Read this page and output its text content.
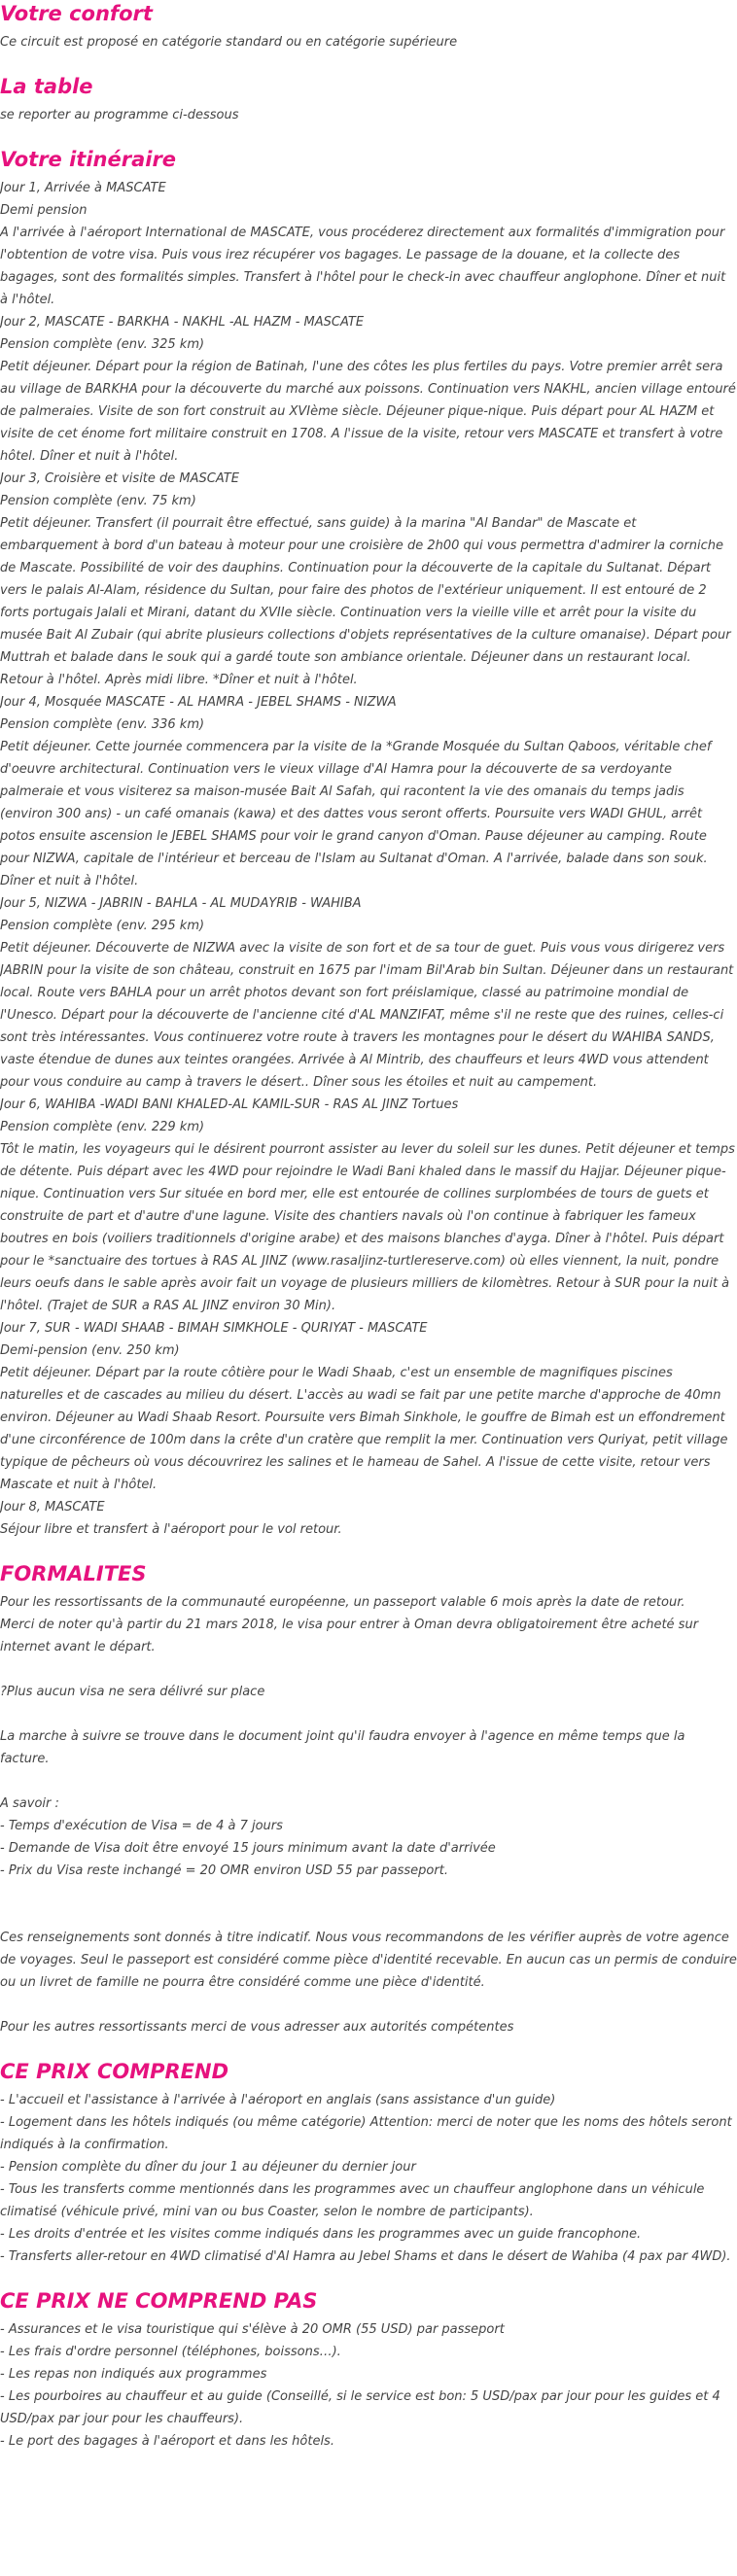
Votre confort

Ce circuit est proposé en catégorie standard ou en catégorie supérieure

La table

se reporter au programme ci-dessous

Votre itinéraire

Jour 1, Arrivée à MASCATE

Demi pension

A l'arrivée à l'aéroport International de MASCATE, vous procéderez directement aux formalités d'immigration pour l'obtention de votre visa. Puis vous irez récupérer vos bagages. Le passage de la douane, et la collecte des bagages, sont des formalités simples. Transfert à l'hôtel pour le check-in avec chauffeur anglophone. Dîner et nuit à l'hôtel.

Jour 2, MASCATE - BARKHA - NAKHL -AL HAZM - MASCATE

Pension complète (env. 325 km)

Petit déjeuner. Départ pour la région de Batinah, l'une des côtes les plus fertiles du pays. Votre premier arrêt sera au village de BARKHA pour la découverte du marché aux poissons. Continuation vers NAKHL, ancien village entouré de palmeraies. Visite de son fort construit au XVIème siècle. Déjeuner pique-nique. Puis départ pour AL HAZM et visite de cet énome fort militaire construit en 1708. A l'issue de la visite, retour vers MASCATE et transfert à votre hôtel. Dîner et nuit à l'hôtel.

Jour 3, Croisière et visite de MASCATE

Pension complète (env. 75 km)

Petit déjeuner. Transfert (il pourrait être effectué, sans guide) à la marina "Al Bandar" de Mascate et embarquement à bord d'un bateau à moteur pour une croisière de 2h00 qui vous permettra d'admirer la corniche de Mascate. Possibilité de voir des dauphins. Continuation pour la découverte de la capitale du Sultanat. Départ vers le palais Al-Alam, résidence du Sultan, pour faire des photos de l'extérieur uniquement. Il est entouré de 2 forts portugais Jalali et Mirani, datant du XVIIe siècle. Continuation vers la vieille ville et arrêt pour la visite du musée Bait Al Zubair (qui abrite plusieurs collections d'objets représentatives de la culture omanaise). Départ pour Muttrah et balade dans le souk qui a gardé toute son ambiance orientale. Déjeuner dans un restaurant local. Retour à l'hôtel. Après midi libre. *Dîner et nuit à l'hôtel.

Jour 4, Mosquée MASCATE - AL HAMRA - JEBEL SHAMS - NIZWA

Pension complète (env. 336 km)

Petit déjeuner. Cette journée commencera par la visite de la *Grande Mosquée du Sultan Qaboos, véritable chef d'oeuvre architectural. Continuation vers le vieux village d'Al Hamra pour la découverte de sa verdoyante palmeraie et vous visiterez sa maison-musée Bait Al Safah, qui racontent la vie des omanais du temps jadis (environ 300 ans) - un café omanais (kawa) et des dattes vous seront offerts. Poursuite vers WADI GHUL, arrêt potos ensuite ascension le JEBEL SHAMS pour voir le grand canyon d'Oman. Pause déjeuner au camping. Route pour NIZWA, capitale de l'intérieur et berceau de l'Islam au Sultanat d'Oman. A l'arrivée, balade dans son souk. Dîner et nuit à l'hôtel.

Jour 5, NIZWA - JABRIN - BAHLA - AL MUDAYRIB - WAHIBA

Pension complète (env. 295 km)

Petit déjeuner. Découverte de NIZWA avec la visite de son fort et de sa tour de guet. Puis vous vous dirigerez vers JABRIN pour la visite de son château, construit en 1675 par l'imam Bil'Arab bin Sultan. Déjeuner dans un restaurant local. Route vers BAHLA pour un arrêt photos devant son fort préislamique, classé au patrimoine mondial de l'Unesco. Départ pour la découverte de l'ancienne cité d'AL MANZIFAT, même s'il ne reste que des ruines, celles-ci sont très intéressantes. Vous continuerez votre route à travers les montagnes pour le désert du WAHIBA SANDS, vaste étendue de dunes aux teintes orangées. Arrivée à Al Mintrib, des chauffeurs et leurs 4WD vous attendent pour vous conduire au camp à travers le désert.. Dîner sous les étoiles et nuit au campement.

Jour 6, WAHIBA -WADI BANI KHALED-AL KAMIL-SUR - RAS AL JINZ Tortues

Pension complète (env. 229 km)

Tôt le matin, les voyageurs qui le désirent pourront assister au lever du soleil sur les dunes. Petit déjeuner et temps de détente. Puis départ avec les 4WD pour rejoindre le Wadi Bani khaled dans le massif du Hajjar. Déjeuner pique-nique. Continuation vers Sur située en bord mer, elle est entourée de collines surplombées de tours de guets et construite de part et d'autre d'une lagune. Visite des chantiers navals où l'on continue à fabriquer les fameux boutres en bois (voiliers traditionnels d'origine arabe) et des maisons blanches d'ayga. Dîner à l'hôtel. Puis départ pour le *sanctuaire des tortues à RAS AL JINZ (www.rasaljinz-turtlereserve.com) où elles viennent, la nuit, pondre leurs oeufs dans le sable après avoir fait un voyage de plusieurs milliers de kilomètres. Retour à SUR pour la nuit à l'hôtel. (Trajet de SUR a RAS AL JINZ environ 30 Min).

Jour 7, SUR - WADI SHAAB - BIMAH SIMKHOLE - QURIYAT - MASCATE

Demi-pension (env. 250 km)

Petit déjeuner. Départ par la route côtière pour le Wadi Shaab, c'est un ensemble de magnifiques piscines naturelles et de cascades au milieu du désert. L'accès au wadi se fait par une petite marche d'approche de 40mn environ. Déjeuner au Wadi Shaab Resort. Poursuite vers Bimah Sinkhole, le gouffre de Bimah est un effondrement d'une circonférence de 100m dans la crête d'un cratère que remplit la mer. Continuation vers Quriyat, petit village typique de pêcheurs où vous découvrirez les salines et le hameau de Sahel. A l'issue de cette visite, retour vers Mascate et nuit à l'hôtel.

Jour 8, MASCATE

Séjour libre et transfert à l'aéroport pour le vol retour.

FORMALITES

Pour les ressortissants de la communauté européenne, un passeport valable 6 mois après la date de retour.

Merci de noter qu'à partir du 21 mars 2018, le visa pour entrer à Oman devra obligatoirement être acheté sur internet avant le départ.

?Plus aucun visa ne sera délivré sur place

La marche à suivre se trouve dans le document joint qu'il faudra envoyer à l'agence en même temps que la facture.

A savoir :

- Temps d'exécution de Visa = de 4 à 7 jours
- Demande de Visa doit être envoyé 15 jours minimum avant la date d'arrivée
- Prix du Visa reste inchangé = 20 OMR environ USD 55 par passeport.

Ces renseignements sont donnés à titre indicatif. Nous vous recommandons de les vérifier auprès de votre agence de voyages. Seul le passeport est considéré comme pièce d'identité recevable. En aucun cas un permis de conduire ou un livret de famille ne pourra être considéré comme une pièce d'identité.

Pour les autres ressortissants merci de vous adresser aux autorités compétentes

CE PRIX COMPREND
- L'accueil et l'assistance à l'arrivée à l'aéroport en anglais (sans assistance d'un guide)
- Logement dans les hôtels indiqués (ou même catégorie) Attention: merci de noter que les noms des hôtels seront indiqués à la confirmation.
- Pension complète du dîner du jour 1 au déjeuner du dernier jour
- Tous les transferts comme mentionnés dans les programmes avec un chauffeur anglophone dans un véhicule climatisé (véhicule privé, mini van ou bus Coaster, selon le nombre de participants).
- Les droits d'entrée et les visites comme indiqués dans les programmes avec un guide francophone.
- Transferts aller-retour en 4WD climatisé d'Al Hamra au Jebel Shams et dans le désert de Wahiba (4 pax par 4WD).
CE PRIX NE COMPREND PAS
- Assurances et le visa touristique qui s'élève à 20 OMR (55 USD) par passeport
- Les frais d'ordre personnel (téléphones, boissons…).
- Les repas non indiqués aux programmes
- Les pourboires au chauffeur et au guide (Conseillé, si le service est bon: 5 USD/pax par jour pour les guides et 4 USD/pax par jour pour les chauffeurs).
- Le port des bagages à l'aéroport et dans les hôtels.
